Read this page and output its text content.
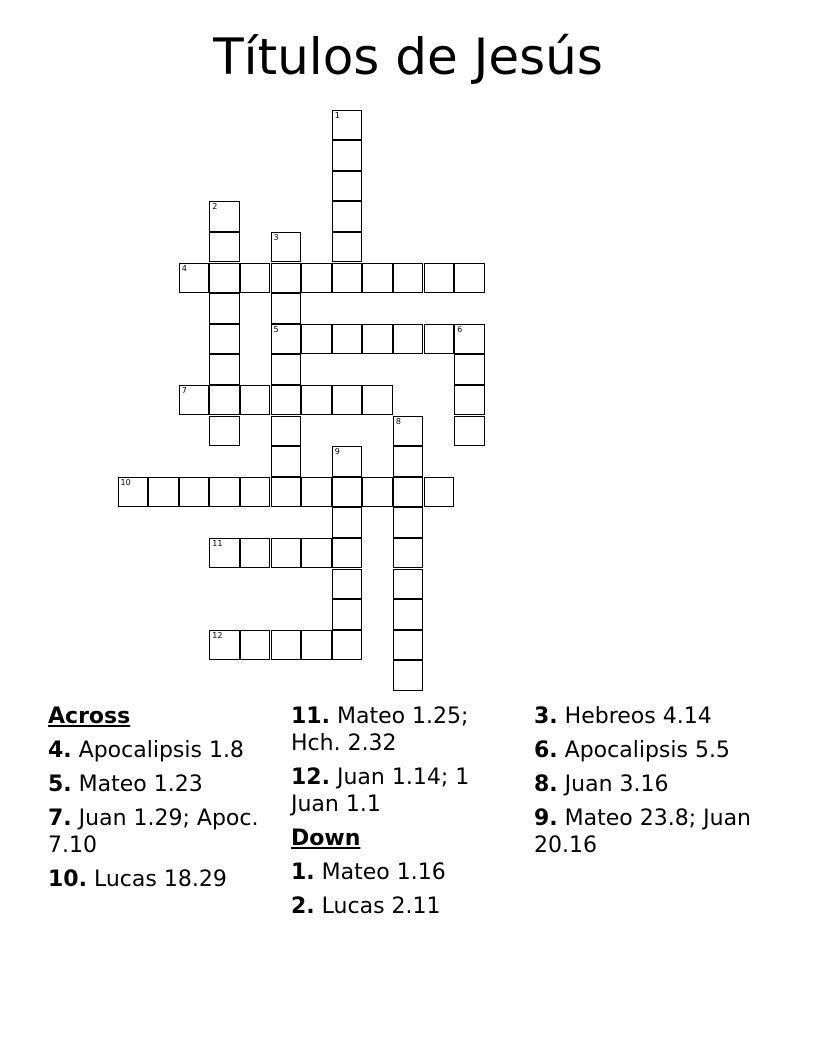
Títulos de Jesús
1
2
3
5
4
6
7
8
9
10
11
12
Across
4. Apocalipsis 1.8
5. Mateo 1.23
7. Juan 1.29; Apoc. 7.10
10. Lucas 18.29
11. Mateo 1.25; Hch. 2.32
12. Juan 1.14; 1 Juan 1.1
Down
1. Mateo 1.16
2. Lucas 2.11
3. Hebreos 4.14
6. Apocalipsis 5.5
8. Juan 3.16
9. Mateo 23.8; Juan 20.16
